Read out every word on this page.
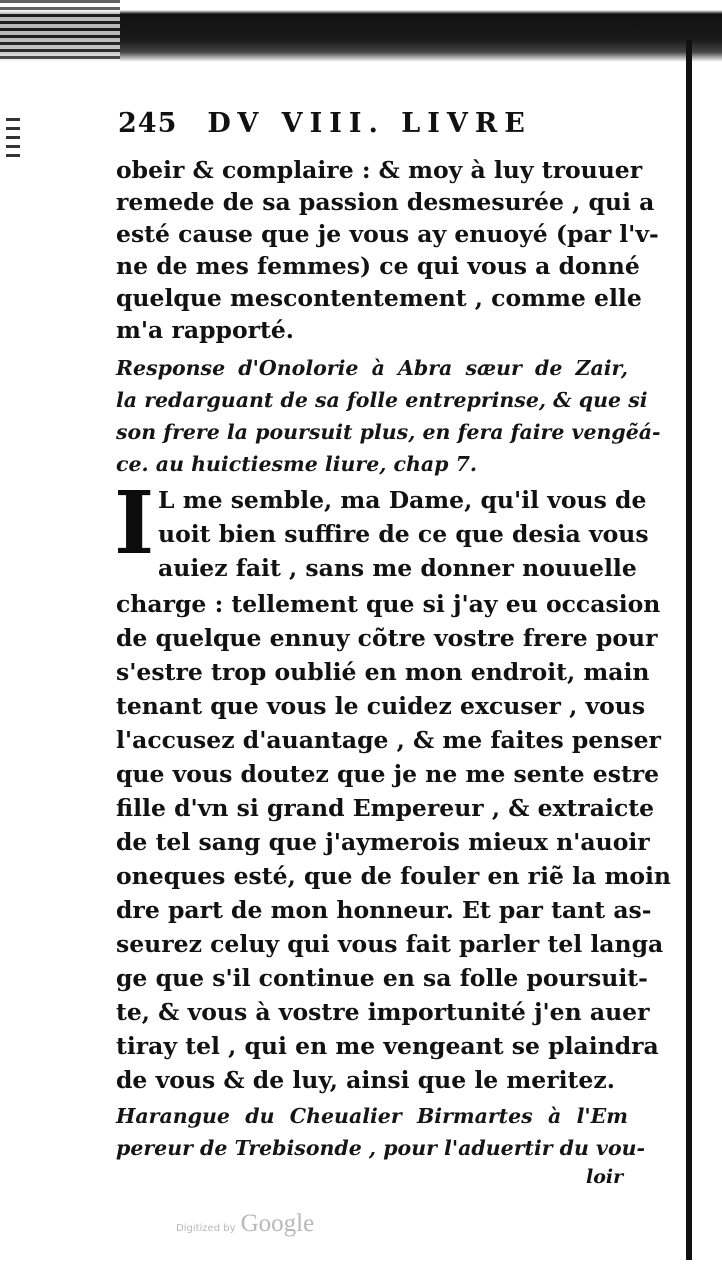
245 DV VIII. LIVRE
obeir & complaire : & moy à luy trouuer
remede de sa passion desmesurée , qui a
esté cause que je vous ay enuoyé (par l'v-
ne de mes femmes) ce qui vous a donné
quelque mescontentement , comme elle
m'a rapporté.
Response d'Onolorie à Abra sæur de Zair,
la redarguant de sa folle entreprinse, & que si
son frere la poursuit plus, en fera faire vengẽá-
ce. au huictiesme liure, chap 7.
I L me semble, ma Dame, qu'il vous de
uoit bien suffire de ce que desia vous
auiez fait , sans me donner nouuelle
charge : tellement que si j'ay eu occasion
de quelque ennuy cõtre vostre frere pour
s'estre trop oublié en mon endroit, main
tenant que vous le cuidez excuser , vous
l'accusez d'auantage , & me faites penser
que vous doutez que je ne me sente estre
fille d'vn si grand Empereur , & extraicte
de tel sang que j'aymerois mieux n'auoir
oneques esté, que de fouler en riẽ la moin
dre part de mon honneur. Et par tant as-
seurez celuy qui vous fait parler tel langa
ge que s'il continue en sa folle poursuit-
te, & vous à vostre importunité j'en auer
tiray tel , qui en me vengeant se plaindra
de vous & de luy, ainsi que le meritez.
Harangue du Cheualier Birmartes à l'Em
pereur de Trebisonde , pour l'aduertir du vou-
loir
Digitized by Google
